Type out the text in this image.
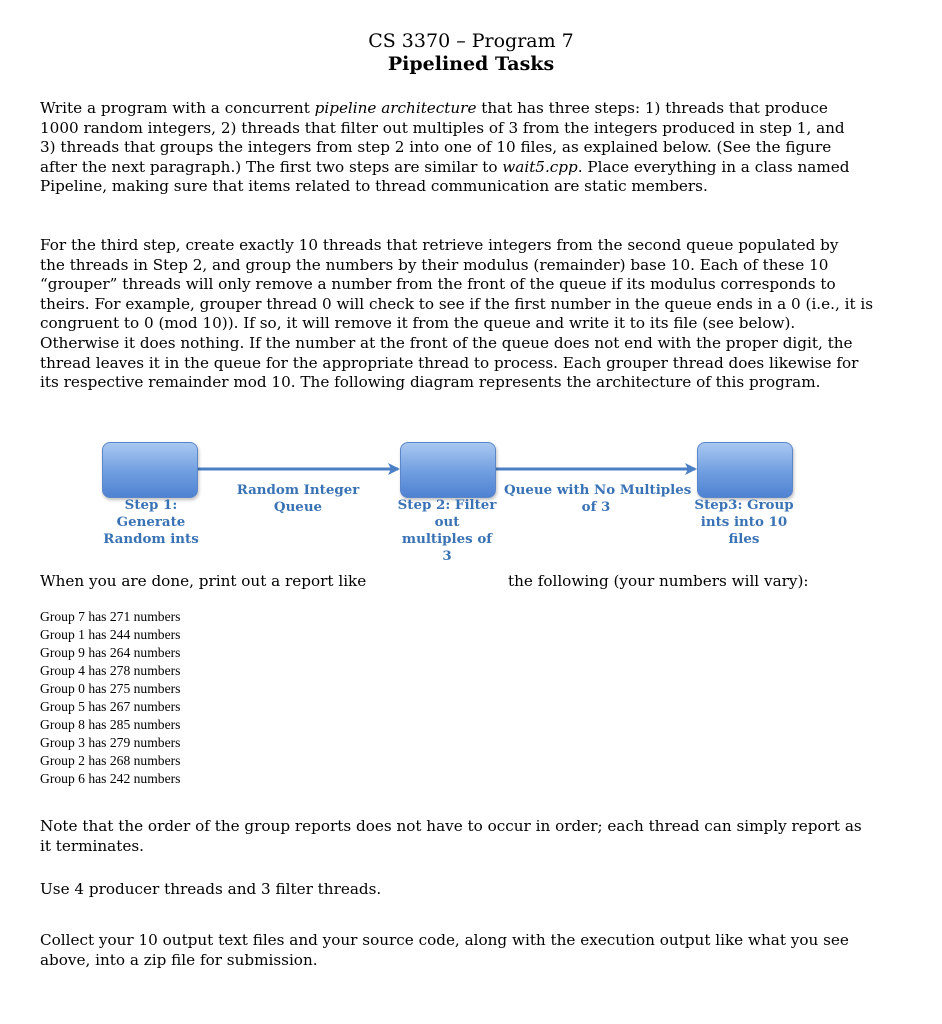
CS 3370 – Program 7
Pipelined Tasks
Write a program with a concurrent pipeline architecture that has three steps: 1) threads that produce
1000 random integers, 2) threads that filter out multiples of 3 from the integers produced in step 1, and
3) threads that groups the integers from step 2 into one of 10 files, as explained below. (See the figure
after the next paragraph.) The first two steps are similar to wait5.cpp. Place everything in a class named
Pipeline, making sure that items related to thread communication are static members.
For the third step, create exactly 10 threads that retrieve integers from the second queue populated by
the threads in Step 2, and group the numbers by their modulus (remainder) base 10. Each of these 10
“grouper” threads will only remove a number from the front of the queue if its modulus corresponds to
theirs. For example, grouper thread 0 will check to see if the first number in the queue ends in a 0 (i.e., it is
congruent to 0 (mod 10)). If so, it will remove it from the queue and write it to its file (see below).
Otherwise it does nothing. If the number at the front of the queue does not end with the proper digit, the
thread leaves it in the queue for the appropriate thread to process. Each grouper thread does likewise for
its respective remainder mod 10. The following diagram represents the architecture of this program.
Step 1:
Generate
Random ints
Random Integer
Queue	Step 2: Filter
out
multiples of
3
Queue with No Multiples
of 3	Step3: Group
ints into 10
files
When you are done, print out a report like	the following (your numbers will vary):
Group 7 has 271 numbers
Group 1 has 244 numbers
Group 9 has 264 numbers
Group 4 has 278 numbers
Group 0 has 275 numbers
Group 5 has 267 numbers
Group 8 has 285 numbers
Group 3 has 279 numbers
Group 2 has 268 numbers
Group 6 has 242 numbers
Note that the order of the group reports does not have to occur in order; each thread can simply report as
it terminates.
Use 4 producer threads and 3 filter threads.
Collect your 10 output text files and your source code, along with the execution output like what you see
above, into a zip file for submission.
